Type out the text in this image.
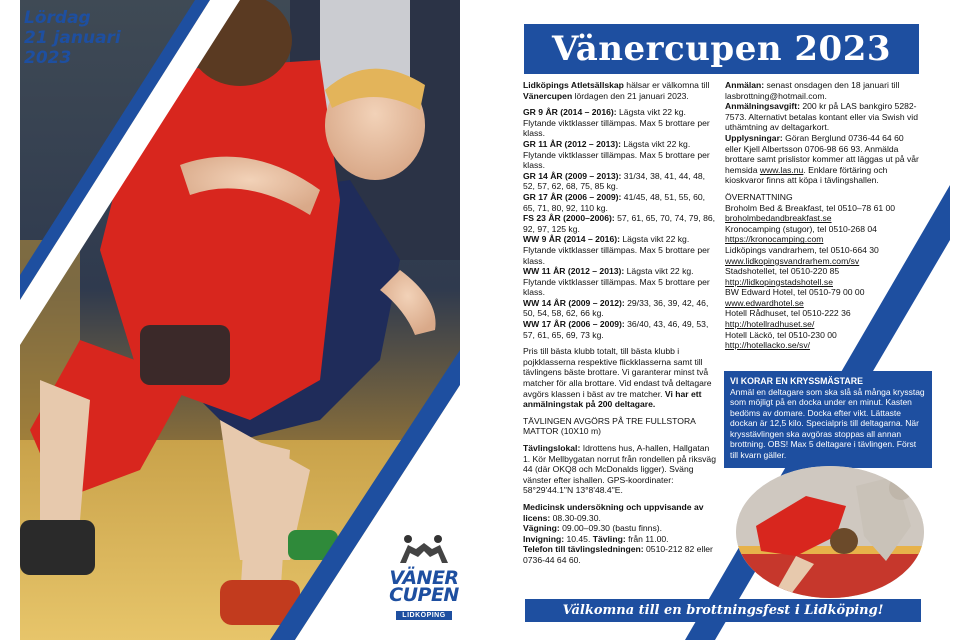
Lördag
21 januari
2023
VÄNER
CUPEN
LIDKÖPING
Vänercupen 2023

Lidköpings Atletsällskap hälsar er välkomna till Vänercupen lördagen den 21 januari 2023.

GR 9 ÅR (2014 – 2016): Lägsta vikt 22 kg. Flytande viktklasser tillämpas. Max 5 brottare per klass.
GR 11 ÅR (2012 – 2013): Lägsta vikt 22 kg. Flytande viktklasser tillämpas. Max 5 brottare per klass.
GR 14 ÅR (2009 – 2013): 31/34, 38, 41, 44, 48, 52, 57, 62, 68, 75, 85 kg.
GR 17 ÅR (2006 – 2009): 41/45, 48, 51, 55, 60, 65, 71, 80, 92, 110 kg.
FS 23 ÅR (2000–2006): 57, 61, 65, 70, 74, 79, 86, 92, 97, 125 kg.
WW 9 ÅR (2014 – 2016): Lägsta vikt 22 kg. Flytande viktklasser tillämpas. Max 5 brottare per klass.
WW 11 ÅR (2012 – 2013): Lägsta vikt 22 kg. Flytande viktklasser tillämpas. Max 5 brottare per klass.
WW 14 ÅR (2009 – 2012): 29/33, 36, 39, 42, 46, 50, 54, 58, 62, 66 kg.
WW 17 ÅR (2006 – 2009): 36/40, 43, 46, 49, 53, 57, 61, 65, 69, 73 kg.

Pris till bästa klubb totalt, till bästa klubb i pojkklasserna respektive flickklasserna samt till tävlingens bäste brottare. Vi garanterar minst två matcher för alla brottare. Vid endast två deltagare avgörs klassen i bäst av tre matcher. Vi har ett anmälningstak på 200 deltagare.

TÄVLINGEN AVGÖRS PÅ TRE FULLSTORA MATTOR (10X10 m)

Tävlingslokal: Idrottens hus, A-hallen, Hallgatan 1. Kör Mellbygatan norrut från rondellen på riksväg 44 (där OKQ8 och McDonalds ligger). Sväng vänster efter ishallen. GPS-koordinater: 58°29'44.1"N 13°8'48.4"E.

Medicinsk undersökning och uppvisande av licens: 08.30-09.30.
Vägning: 09.00–09.30 (bastu finns).
Invigning: 10.45. Tävling: från 11.00.
Telefon till tävlingsledningen: 0510-212 82 eller 0736-44 64 60.
Anmälan: senast onsdagen den 18 januari till lasbrottning@hotmail.com.
Anmälningsavgift: 200 kr på LAS bankgiro 5282- 7573. Alternativt betalas kontant eller via Swish vid uthämtning av deltagarkort.

Upplysningar: Göran Berglund 0736-44 64 60 eller Kjell Albertsson 0706-98 66 93. Anmälda brottare samt prislistor kommer att läggas ut på vår hemsida www.las.nu. Enklare förtäring och kioskvaror finns att köpa i tävlingshallen.

ÖVERNATTNING
Broholm Bed & Breakfast, tel 0510–78 61 00
broholmbedandbreakfast.se
Kronocamping (stugor), tel 0510-268 04
https://kronocamping.com
Lidköpings vandrarhem, tel 0510-664 30
www.lidkopingsvandrarhem.com/sv
Stadshotellet, tel 0510-220 85
http://lidkopingstadshotell.se
BW Edward Hotel, tel 0510-79 00 00
www.edwardhotel.se
Hotell Rådhuset, tel 0510-222 36
http://hotellradhuset.se/
Hotell Läckö, tel 0510-230 00
http://hotellacko.se/sv/
VI KORAR EN KRYSSMÄSTARE
Anmäl en deltagare som ska slå så många krysstag som möjligt på en docka under en minut. Kasten bedöms av domare. Docka efter vikt. Lättaste dockan är 12,5 kilo. Specialpris till deltagarna. När krysstävlingen ska avgöras stoppas all annan brottning. OBS! Max 5 deltagare i tävlingen. Först till kvarn gäller.
Välkomna till en brottningsfest i Lidköping!
